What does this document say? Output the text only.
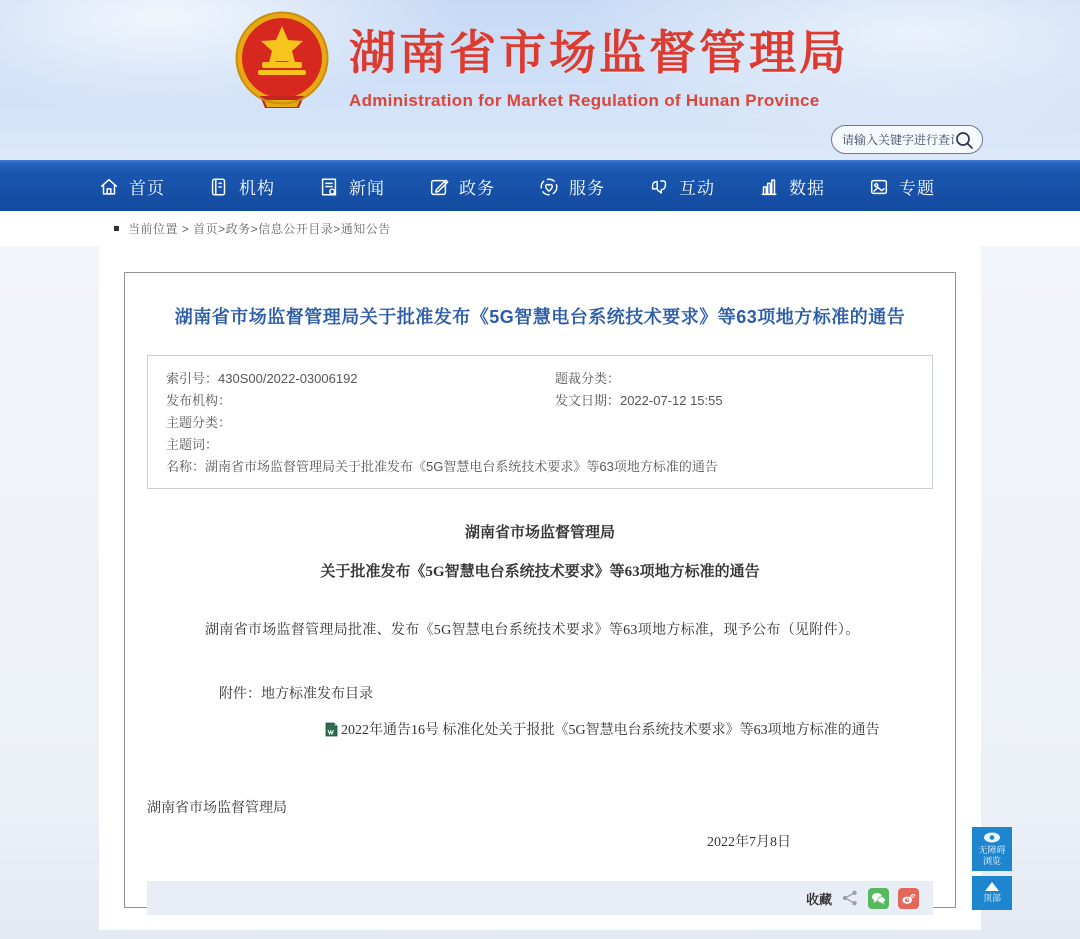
湖南省市场监督管理局
Administration for Market Regulation of Hunan Province
请输入关键字进行查询
首页	机构	新闻	政务	服务	互动	数据	专题
当前位置 > 首页>政务>信息公开目录>通知公告
湖南省市场监督管理局关于批准发布《5G智慧电台系统技术要求》等63项地方标准的通告
索引号： 430S00/2022-03006192	题裁分类：
发布机构：	发文日期： 2022-07-12 15:55
主题分类：
主题词：
名称： 湖南省市场监督管理局关于批准发布《5G智慧电台系统技术要求》等63项地方标准的通告
湖南省市场监督管理局
关于批准发布《5G智慧电台系统技术要求》等63项地方标准的通告

湖南省市场监督管理局批准、发布《5G智慧电台系统技术要求》等63项地方标准，现予公布（见附件）。

附件：地方标准发布目录
2022年通告16号 标准化处关于报批《5G智慧电台系统技术要求》等63项地方标准的通告
湖南省市场监督管理局
2022年7月8日
收藏
无障碍浏览
顶部
